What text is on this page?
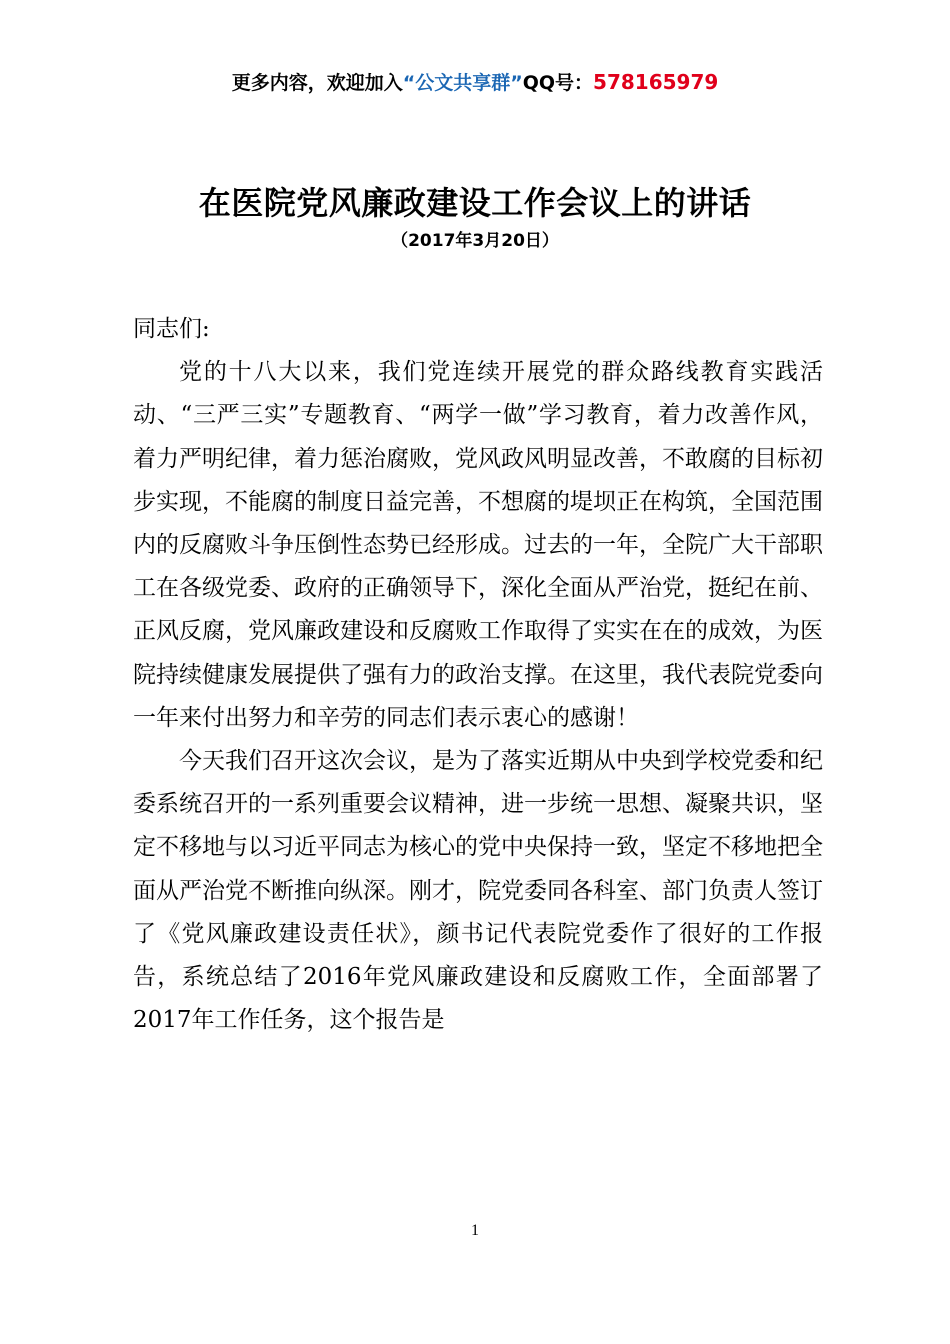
更多内容，欢迎加入“公文共享群”QQ号：578165979
在医院党风廉政建设工作会议上的讲话
（2017年3月20日）

同志们:

党的十八大以来，我们党连续开展党的群众路线教育实践活动、“三严三实”专题教育、“两学一做”学习教育，着力改善作风，着力严明纪律，着力惩治腐败，党风政风明显改善，不敢腐的目标初步实现，不能腐的制度日益完善，不想腐的堤坝正在构筑，全国范围内的反腐败斗争压倒性态势已经形成。过去的一年，全院广大干部职工在各级党委、政府的正确领导下，深化全面从严治党，挺纪在前、正风反腐，党风廉政建设和反腐败工作取得了实实在在的成效，为医院持续健康发展提供了强有力的政治支撑。在这里，我代表院党委向一年来付出努力和辛劳的同志们表示衷心的感谢！

今天我们召开这次会议，是为了落实近期从中央到学校党委和纪委系统召开的一系列重要会议精神，进一步统一思想、凝聚共识，坚定不移地与以习近平同志为核心的党中央保持一致，坚定不移地把全面从严治党不断推向纵深。刚才，院党委同各科室、部门负责人签订了《党风廉政建设责任状》，颜书记代表院党委作了很好的工作报告，系统总结了2016年党风廉政建设和反腐败工作，全面部署了2017年工作任务，这个报告是

1
